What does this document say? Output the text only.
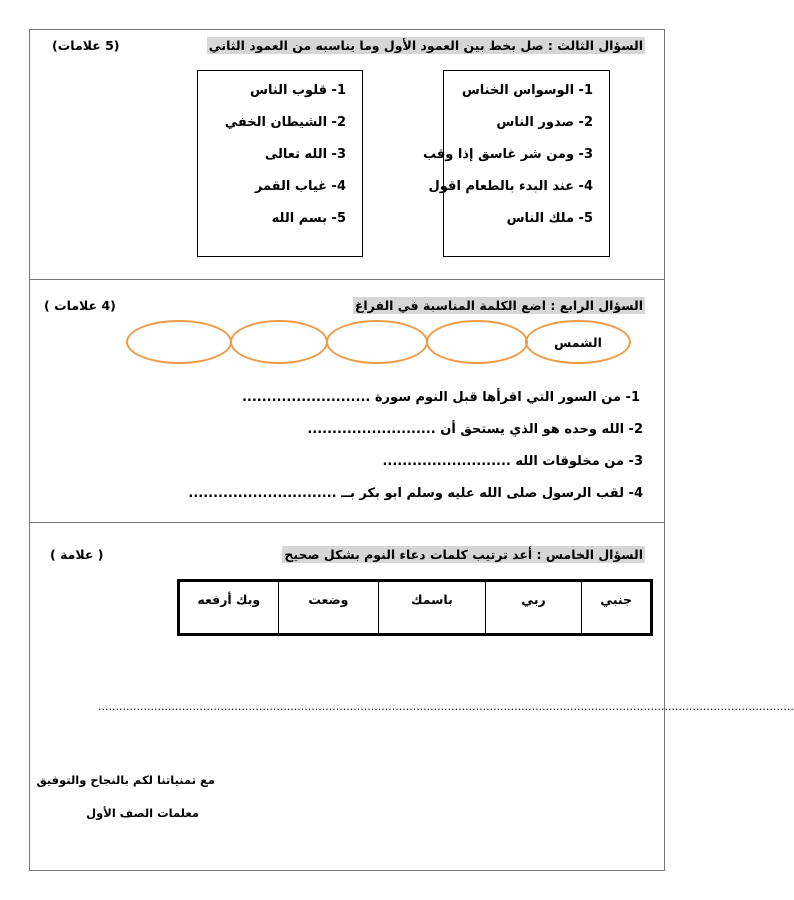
السؤال الثالث : صل بخط بين العمود الأول وما يناسبه من العمود الثاني
(5 علامات)
1- الوسواس الخناس
2- صدور الناس
3- ومن شر غاسق إذا وقب
4- عند البدء بالطعام اقول
5- ملك الناس
1- قلوب الناس
2- الشيطان الخفي
3- الله تعالى
4- غياب القمر
5- بسم الله
السؤال الرابع : اضع الكلمة المناسبة في الفراغ
(4 علامات )
الشمس
1- من السور التي اقرأها قبل النوم سورة ..........................
2- الله وحده هو الذي يستحق أن ..........................
3- من مخلوقات الله ..........................
4- لقب الرسول صلى الله عليه وسلم ابو بكر بــ ..............................
السؤال الخامس : أعد ترتيب كلمات دعاء النوم بشكل صحيح
( علامة )
جنبي	ربي	باسمك	وضعت	وبك أرفعه
.......................................................................................................................................................................................................
مع تمنياتنا لكم بالنجاح والتوفيق
معلمات الصف الأول
